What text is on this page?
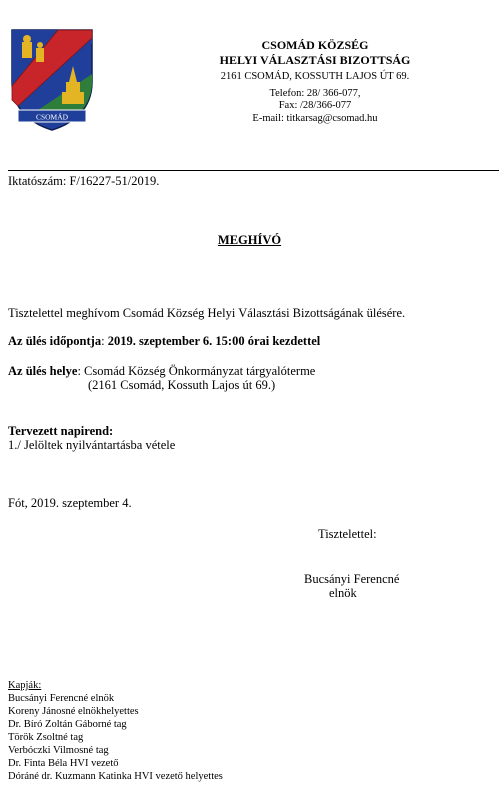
CSOMÁD
CSOMÁD KÖZSÉG
HELYI VÁLASZTÁSI BIZOTTSÁG
2161 CSOMÁD, KOSSUTH LAJOS ÚT 69.
Telefon: 28/ 366-077,
Fax: /28/366-077
E-mail: titkarsag@csomad.hu
Iktatószám: F/16227-51/2019.
MEGHÍVÓ
Tisztelettel meghívom Csomád Község Helyi Választási Bizottságának ülésére.
Az ülés időpontja: 2019. szeptember 6. 15:00 órai kezdettel
Az ülés helye: Csomád Község Önkormányzat tárgyalóterme
(2161 Csomád, Kossuth Lajos út 69.)
Tervezett napirend:
1./ Jelöltek nyilvántartásba vétele
Fót, 2019. szeptember 4.
Tisztelettel:
Bucsányi Ferencné
elnök
Kapják:
Bucsányi Ferencné elnök
Koreny Jánosné elnökhelyettes
Dr. Bíró Zoltán Gáborné tag
Török Zsoltné tag
Verbóczki Vilmosné tag
Dr. Finta Béla HVI vezető
Dóráné dr. Kuzmann Katinka HVI vezető helyettes
